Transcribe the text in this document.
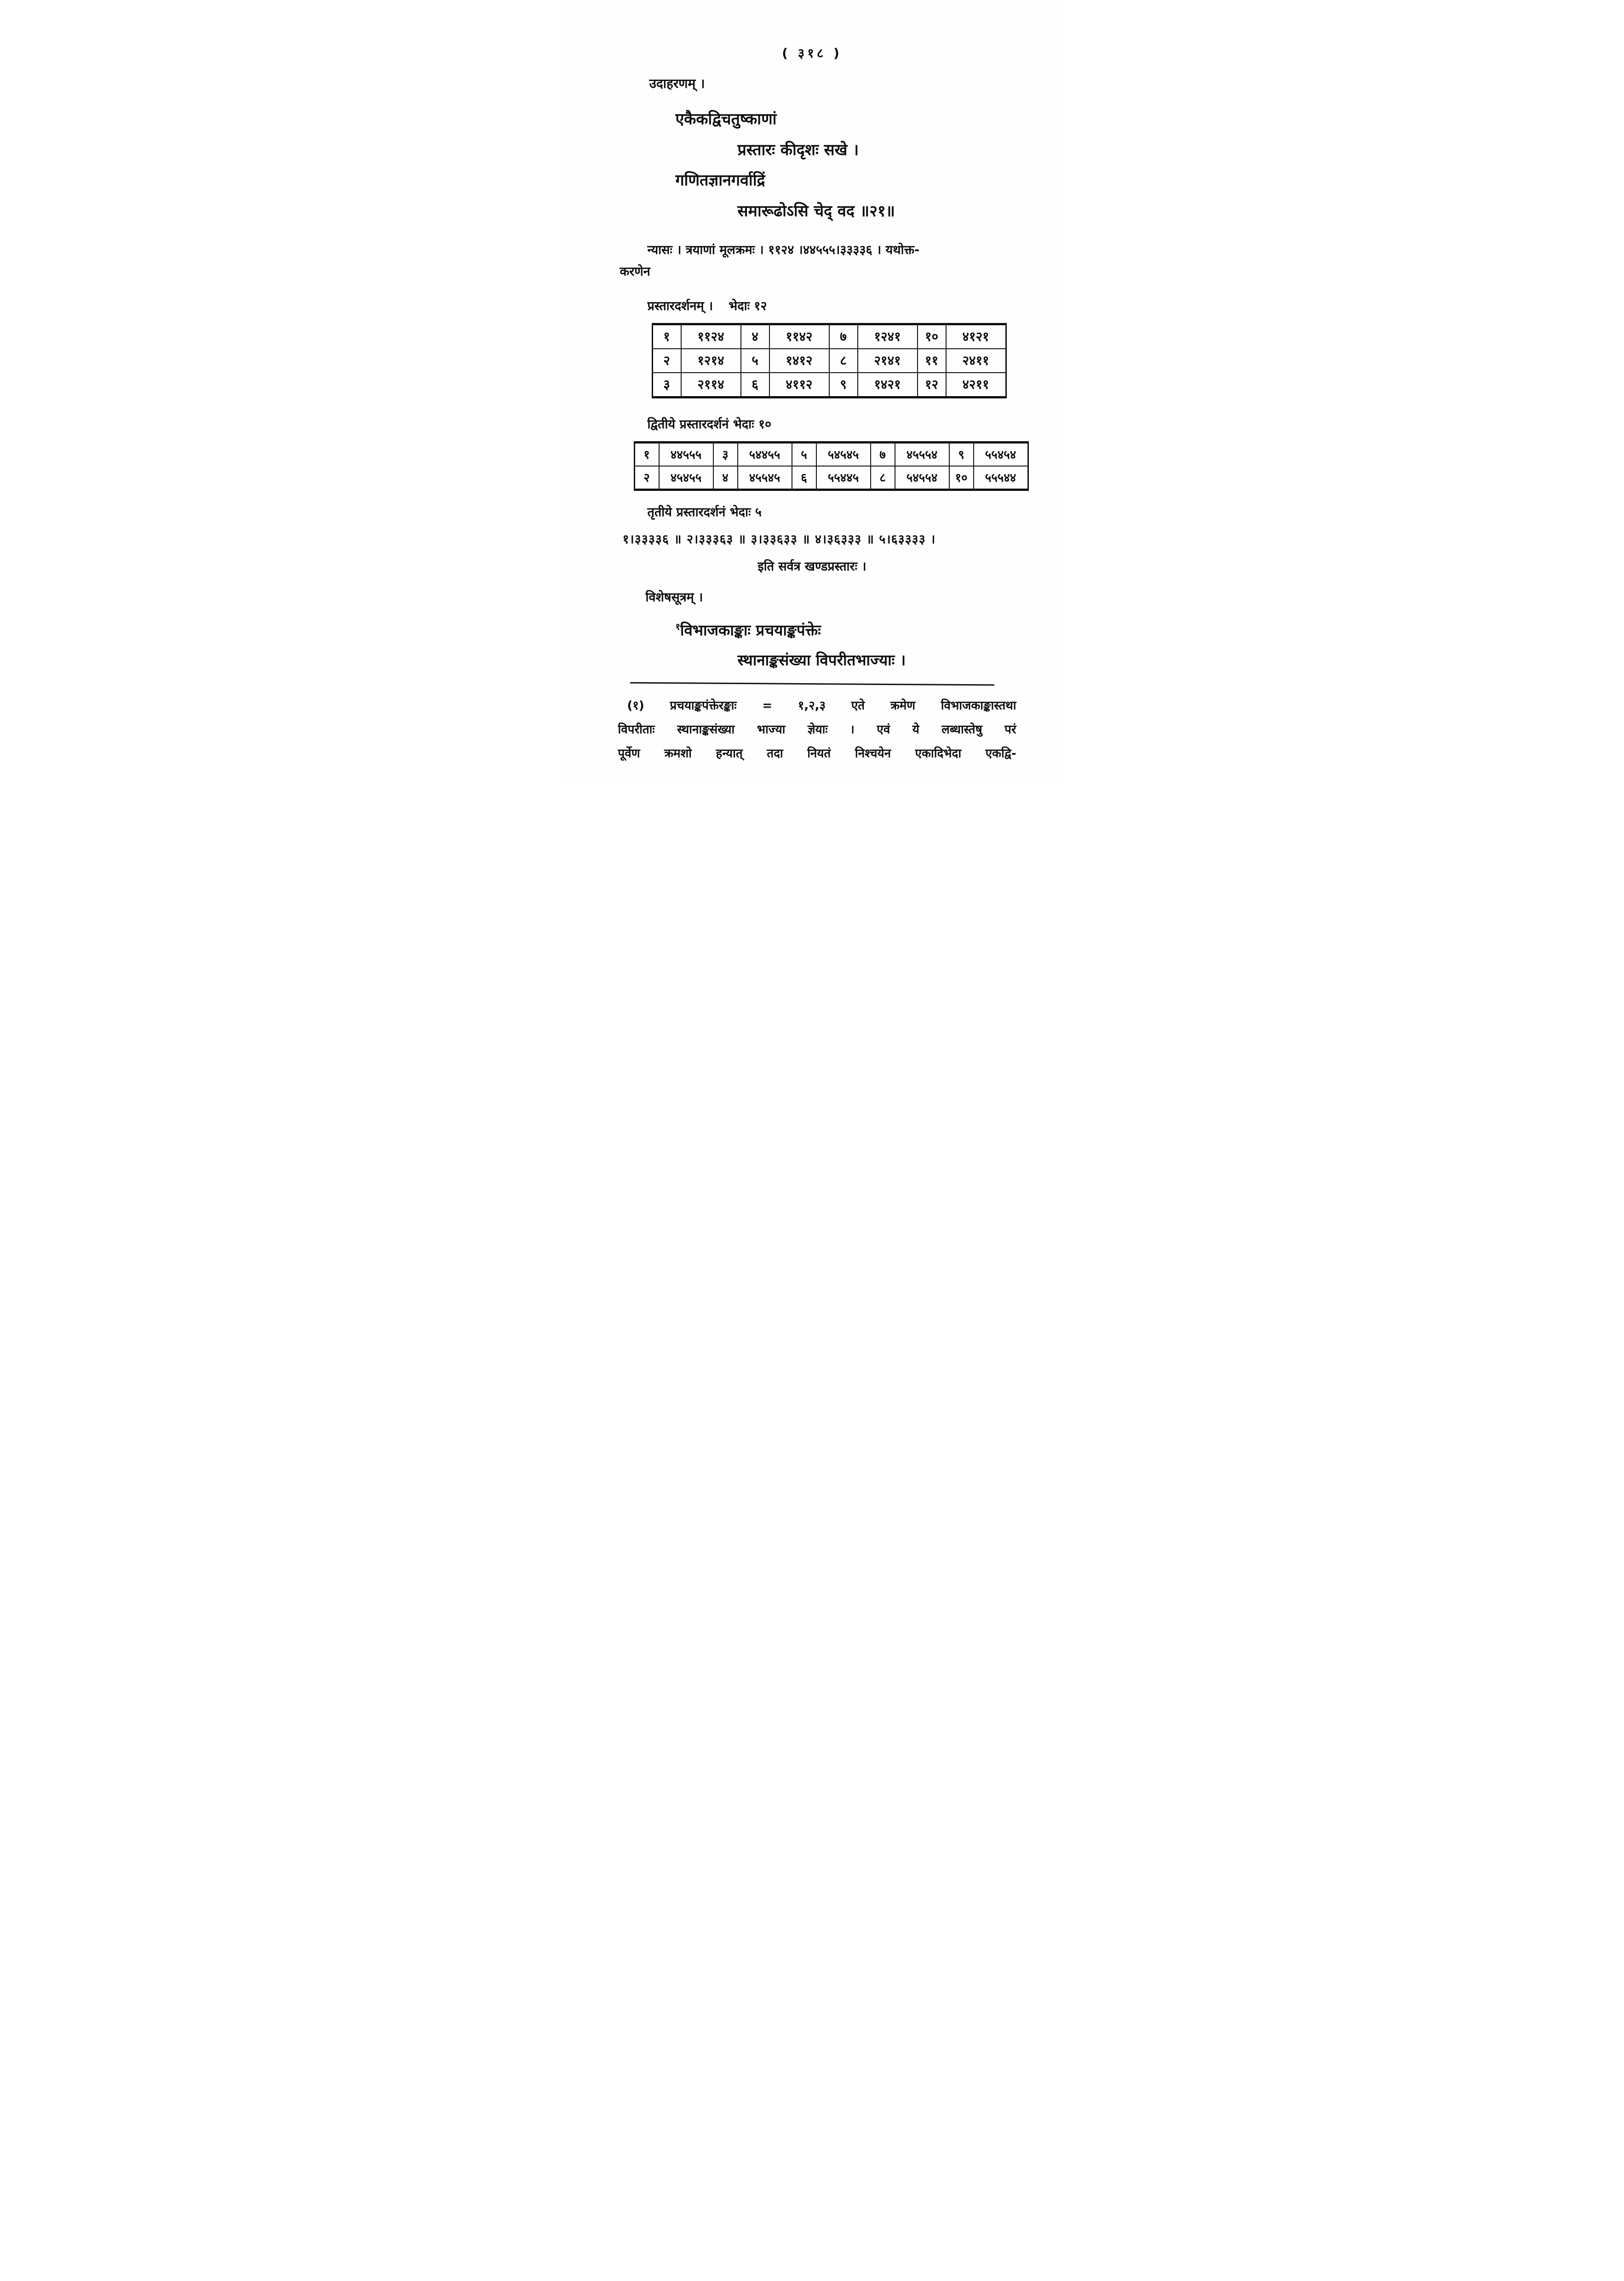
( ३१८ )
उदाहरणम् ।
एकैकद्विचतुष्काणां
प्रस्तारः कीदृशः सखे ।
गणितज्ञानगर्वाद्रिं
समारूढोऽसि चेद् वद ॥२१॥
न्यासः । त्रयाणां मूलक्रमः । ११२४ ।४४५५५।३३३३६ । यथोक्त-
करणेन
प्रस्तारदर्शनम् । भेदाः १२
१	११२४	४	११४२	७	१२४१	१०	४१२१
२	१२१४	५	१४१२	८	२१४१	११	२४११
३	२११४	६	४११२	९	१४२१	१२	४२११
द्वितीये प्रस्तारदर्शनं भेदाः १०
१	४४५५५	३	५४४५५	५	५४५४५	७	४५५५४	९	५५४५४
२	४५४५५	४	४५५४५	६	५५४४५	८	५४५५४	१०	५५५४४
तृतीये प्रस्तारदर्शनं भेदाः ५
१।३३३३६ ॥ २।३३३६३ ॥ ३।३३६३३ ॥ ४।३६३३३ ॥ ५।६३३३३ ।
इति सर्वत्र खण्डप्रस्तारः ।
विशेषसूत्रम् ।
$^१$विभाजकाङ्काः प्रचयाङ्कपंक्तेः
स्थानाङ्कसंख्या विपरीतभाज्याः ।
(१) प्रचयाङ्कपंक्तेरङ्काः = १,२,३ एते क्रमेण विभाजकाङ्कास्तथा
विपरीताः स्थानाङ्कसंख्या भाज्या ज्ञेयाः । एवं ये लब्धास्तेषु परं
पूर्वेण क्रमशो हन्यात् तदा नियतं निश्चयेन एकादिभेदा एकद्वि-
